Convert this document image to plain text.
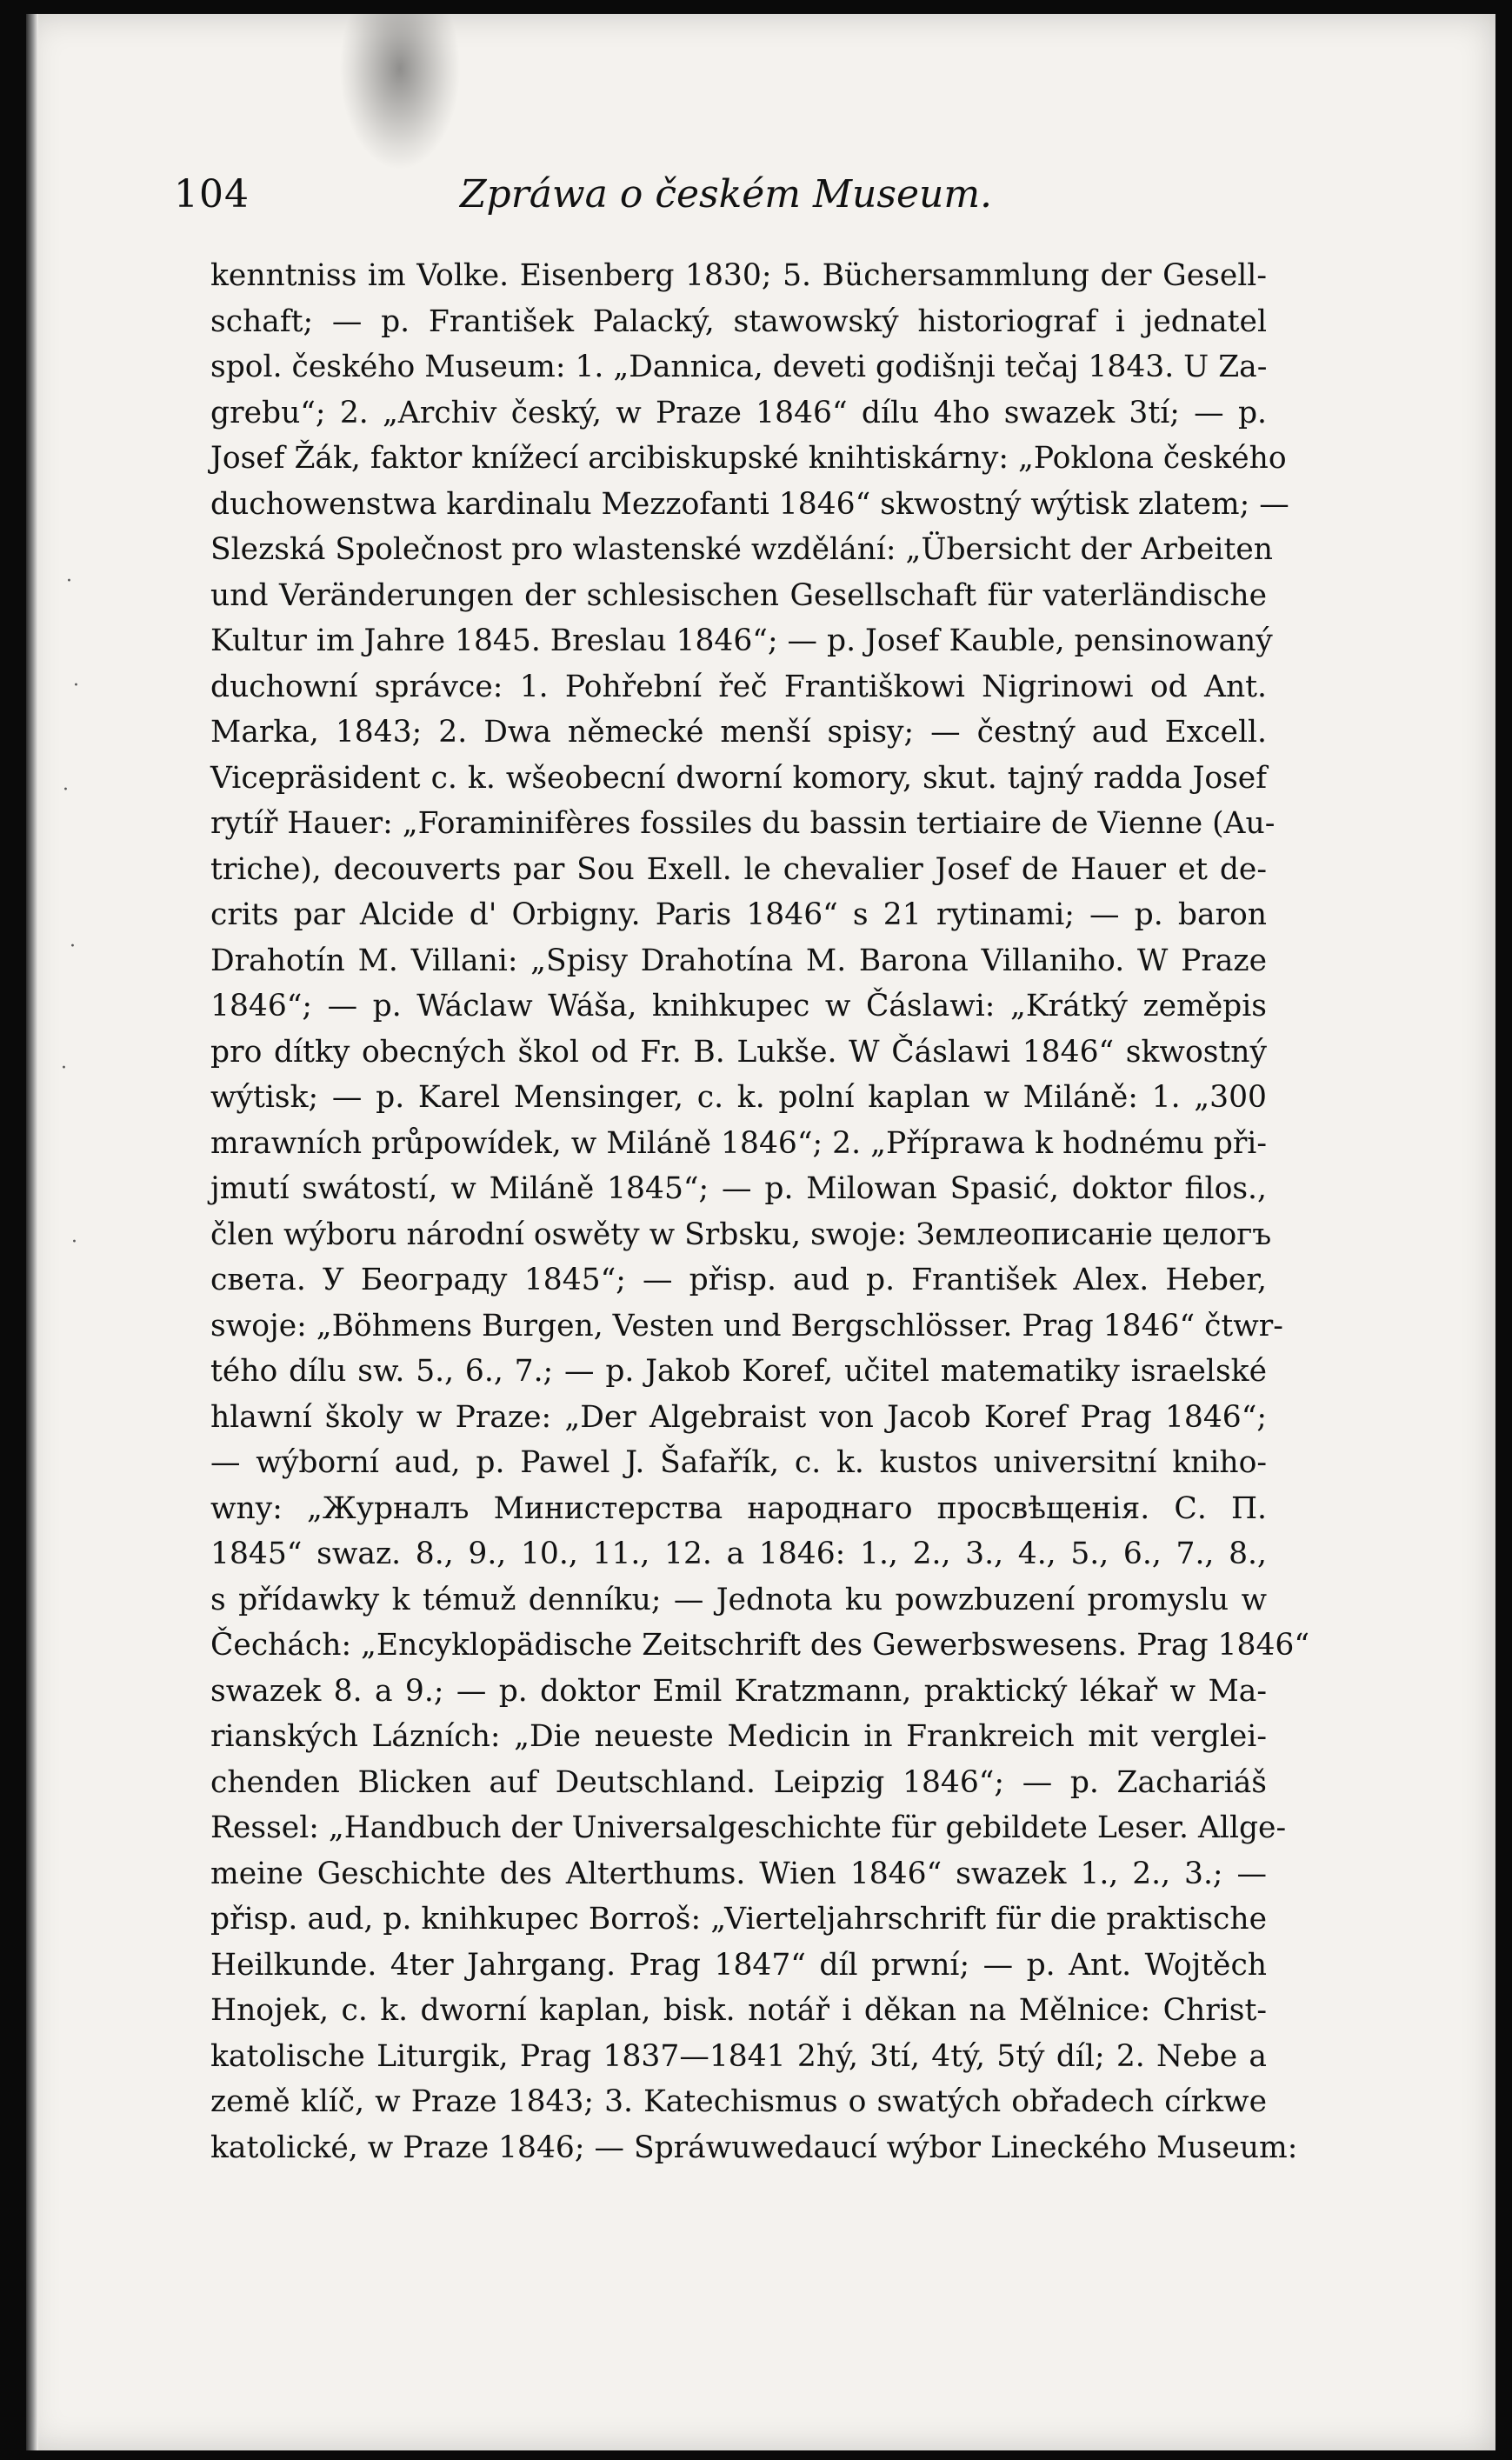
·
·
·
·
·
·
104	Zpráwa o českém Museum.
kenntniss im Volke. Eisenberg 1830; 5. Büchersammlung der Gesell-
schaft; — p. František Palacký, stawowský historiograf i jednatel
spol. českého Museum: 1. „Dannica, deveti godišnji tečaj 1843. U Za-
grebu“; 2. „Archiv český, w Praze 1846“ dílu 4ho swazek 3tí; — p.
Josef Žák, faktor knížecí arcibiskupské knihtiskárny: „Poklona českého
duchowenstwa kardinalu Mezzofanti 1846“ skwostný wýtisk zlatem; —
Slezská Společnost pro wlastenské wzdělání: „Übersicht der Arbeiten
und Veränderungen der schlesischen Gesellschaft für vaterländische
Kultur im Jahre 1845. Breslau 1846“; — p. Josef Kauble, pensinowaný
duchowní správce: 1. Pohřební řeč Františkowi Nigrinowi od Ant.
Marka, 1843; 2. Dwa německé menší spisy; — čestný aud Excell.
Vicepräsident c. k. wšeobecní dworní komory, skut. tajný radda Josef
rytíř Hauer: „Foraminifères fossiles du bassin tertiaire de Vienne (Au-
triche), decouverts par Sou Exell. le chevalier Josef de Hauer et de-
crits par Alcide d' Orbigny. Paris 1846“ s 21 rytinami; — p. baron
Drahotín M. Villani: „Spisy Drahotína M. Barona Villaniho. W Praze
1846“; — p. Wáclaw Wáša, knihkupec w Čáslawi: „Krátký zeměpis
pro dítky obecných škol od Fr. B. Lukše. W Čáslawi 1846“ skwostný
wýtisk; — p. Karel Mensinger, c. k. polní kaplan w Miláně: 1. „300
mrawních průpowídek, w Miláně 1846“; 2. „Příprawa k hodnému při-
jmutí swátostí, w Miláně 1845“; — p. Milowan Spasić, doktor filos.,
člen wýboru národní oswěty w Srbsku, swoje: Землеописаніе целогъ
света. У Београду 1845“; — přisp. aud p. František Alex. Heber,
swoje: „Böhmens Burgen, Vesten und Bergschlösser. Prag 1846“ čtwr-
tého dílu sw. 5., 6., 7.; — p. Jakob Koref, učitel matematiky israelské
hlawní školy w Praze: „Der Algebraist von Jacob Koref Prag 1846“;
— wýborní aud, p. Pawel J. Šafařík, c. k. kustos universitní kniho-
wny: „Журналъ Министерства народнаго просвѣщенія. С. П.
1845“ swaz. 8., 9., 10., 11., 12. a 1846: 1., 2., 3., 4., 5., 6., 7., 8.,
s přídawky k témuž denníku; — Jednota ku powzbuzení promyslu w
Čechách: „Encyklopädische Zeitschrift des Gewerbswesens. Prag 1846“
swazek 8. a 9.; — p. doktor Emil Kratzmann, praktický lékař w Ma-
rianských Lázních: „Die neueste Medicin in Frankreich mit verglei-
chenden Blicken auf Deutschland. Leipzig 1846“; — p. Zachariáš
Ressel: „Handbuch der Universalgeschichte für gebildete Leser. Allge-
meine Geschichte des Alterthums. Wien 1846“ swazek 1., 2., 3.; —
přisp. aud, p. knihkupec Borroš: „Vierteljahrschrift für die praktische
Heilkunde. 4ter Jahrgang. Prag 1847“ díl prwní; — p. Ant. Wojtěch
Hnojek, c. k. dworní kaplan, bisk. notář i děkan na Mělnice: Christ-
katolische Liturgik, Prag 1837—1841 2hý, 3tí, 4tý, 5tý díl; 2. Nebe a
země klíč, w Praze 1843; 3. Katechismus o swatých obřadech církwe
katolické, w Praze 1846; — Spráwuwedaucí wýbor Lineckého Museum:
